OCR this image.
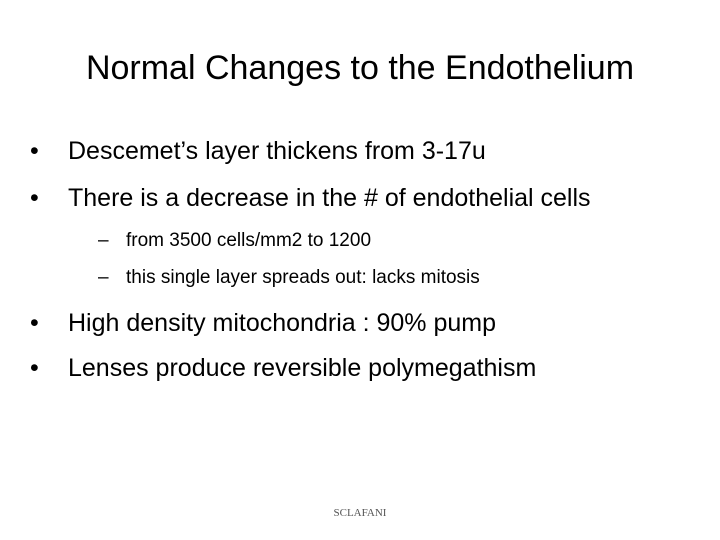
Normal Changes to the Endothelium
• Descemet’s layer thickens from 3-17u
• There is a decrease in the # of endothelial cells
– from 3500 cells/mm2 to 1200
– this single layer spreads out: lacks mitosis
• High density mitochondria : 90% pump
• Lenses produce reversible polymegathism
SCLAFANI
